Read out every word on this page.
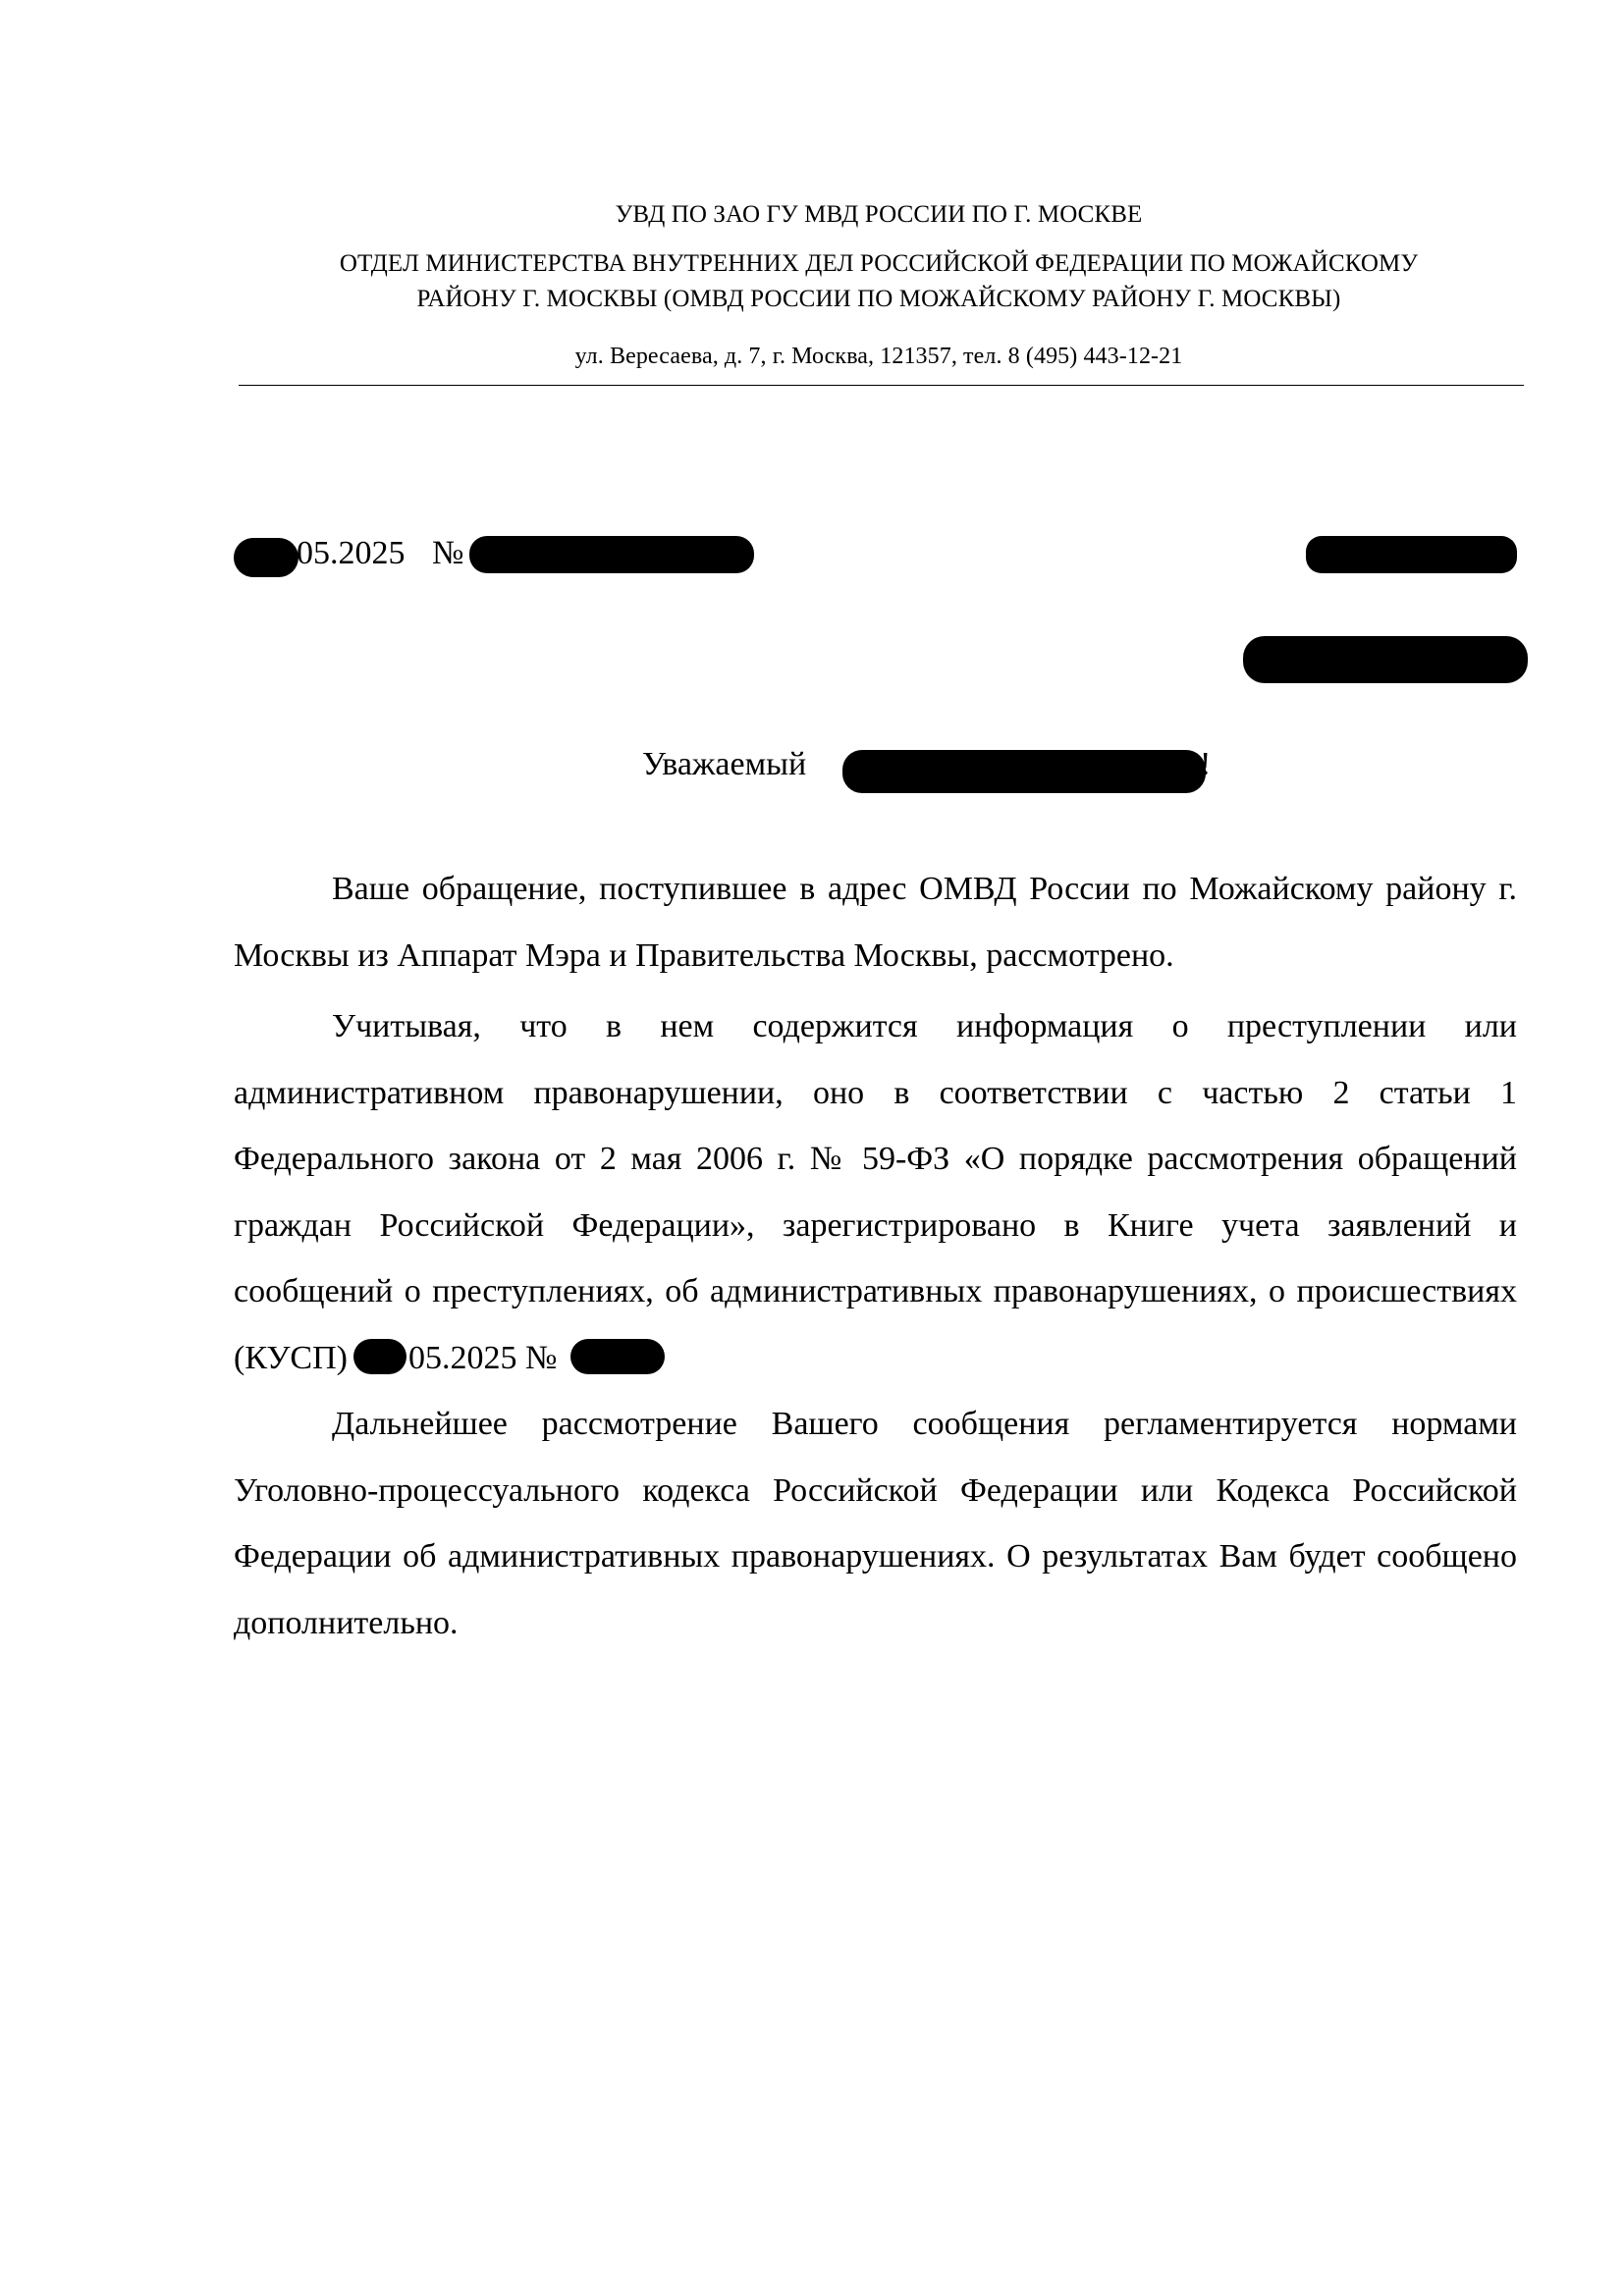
УВД ПО ЗАО ГУ МВД РОССИИ ПО Г. МОСКВЕ
ОТДЕЛ МИНИСТЕРСТВА ВНУТРЕННИХ ДЕЛ РОССИЙСКОЙ ФЕДЕРАЦИИ ПО МОЖАЙСКОМУ
РАЙОНУ Г. МОСКВЫ (ОМВД РОССИИ ПО МОЖАЙСКОМУ РАЙОНУ Г. МОСКВЫ)
ул. Вересаева, д. 7, г. Москва, 121357, тел. 8 (495) 443-12-21
05.2025 №
Уважаемый	!

Ваше обращение, поступившее в адрес ОМВД России по Можайскому району г. Москвы из Аппарат Мэра и Правительства Москвы, рассмотрено.

Учитывая, что в нем содержится информация о преступлении или административном правонарушении, оно в соответствии с частью 2 статьи 1 Федерального закона от 2 мая 2006 г. № 59-ФЗ «О порядке рассмотрения обращений граждан Российской Федерации», зарегистрировано в Книге учета заявлений и сообщений о преступлениях, об административных правонарушениях, о происшествиях (КУСП) 05.2025 №

Дальнейшее рассмотрение Вашего сообщения регламентируется нормами Уголовно-процессуального кодекса Российской Федерации или Кодекса Российской Федерации об административных правонарушениях. О результатах Вам будет сообщено дополнительно.
